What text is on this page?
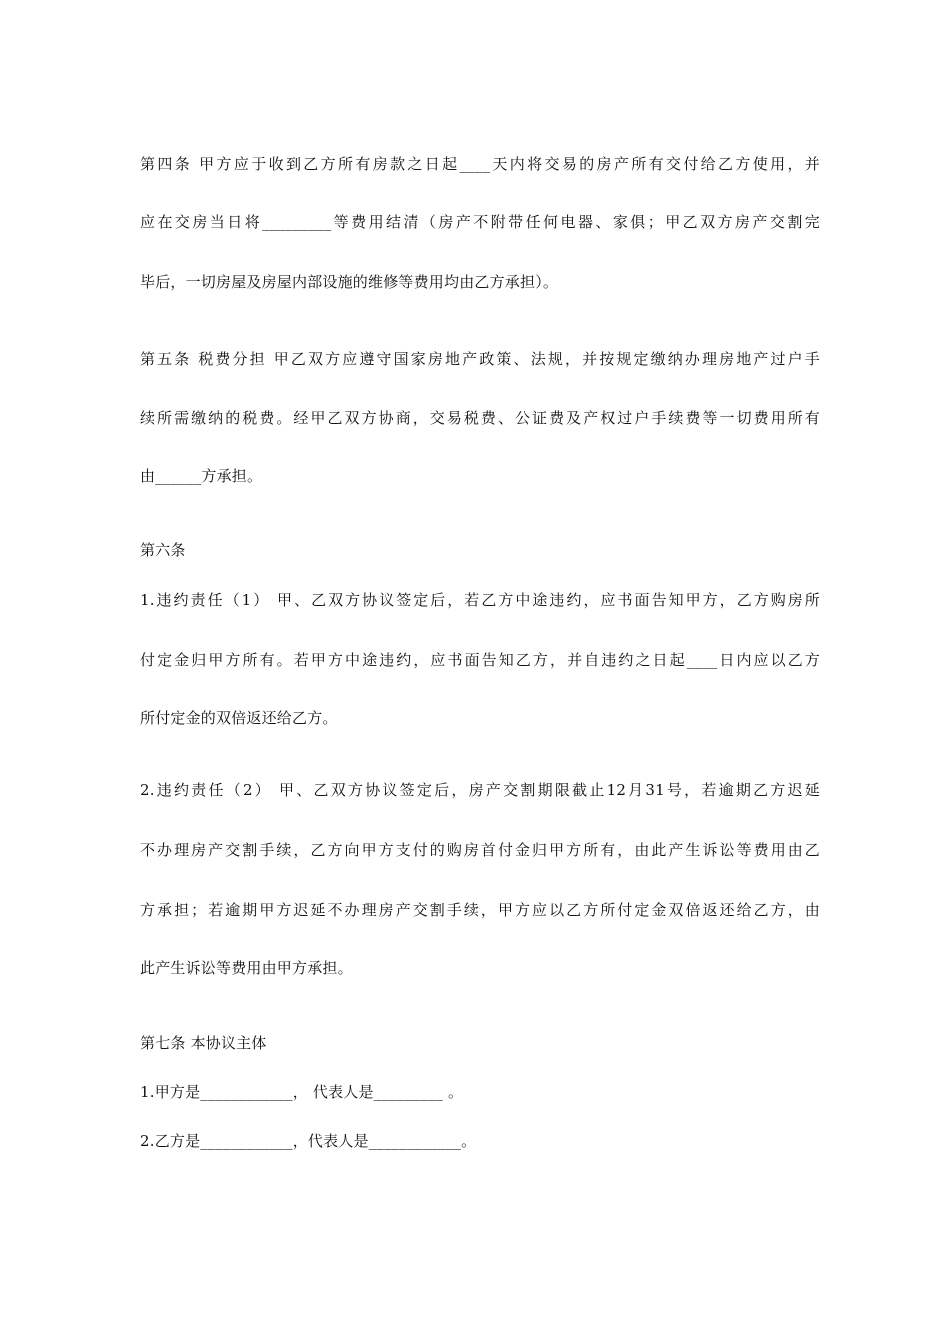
第四条 甲方应于收到乙方所有房款之日起____天内将交易的房产所有交付给乙方使用，并
应在交房当日将_________等费用结清（房产不附带任何电器、家俱；甲乙双方房产交割完
毕后，一切房屋及房屋内部设施的维修等费用均由乙方承担）。
第五条 税费分担 甲乙双方应遵守国家房地产政策、法规，并按规定缴纳办理房地产过户手
续所需缴纳的税费。经甲乙双方协商，交易税费、公证费及产权过户手续费等一切费用所有
由______方承担。
第六条
1.违约责任（1） 甲、乙双方协议签定后，若乙方中途违约，应书面告知甲方，乙方购房所
付定金归甲方所有。若甲方中途违约，应书面告知乙方，并自违约之日起____日内应以乙方
所付定金的双倍返还给乙方。
2.违约责任（2） 甲、乙双方协议签定后，房产交割期限截止12月31号，若逾期乙方迟延
不办理房产交割手续，乙方向甲方支付的购房首付金归甲方所有，由此产生诉讼等费用由乙
方承担；若逾期甲方迟延不办理房产交割手续，甲方应以乙方所付定金双倍返还给乙方，由
此产生诉讼等费用由甲方承担。
第七条 本协议主体
1.甲方是____________， 代表人是_________ 。
2.乙方是____________，代表人是____________。
